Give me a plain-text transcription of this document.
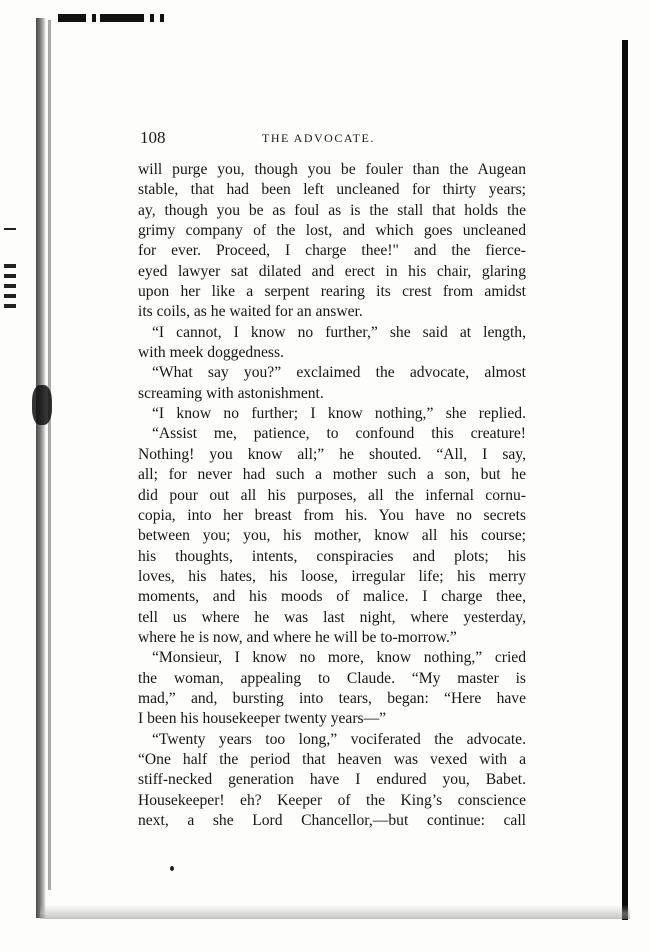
108	THE ADVOCATE.
will purge you, though you be fouler than the Augean
stable, that had been left uncleaned for thirty years;
ay, though you be as foul as is the stall that holds the
grimy company of the lost, and which goes uncleaned
for ever. Proceed, I charge thee!" and the fierce-
eyed lawyer sat dilated and erect in his chair, glaring
upon her like a serpent rearing its crest from amidst
its coils, as he waited for an answer.
“I cannot, I know no further,” she said at length,
with meek doggedness.
“What say you?” exclaimed the advocate, almost
screaming with astonishment.
“I know no further; I know nothing,” she replied.
“Assist me, patience, to confound this creature!
Nothing! you know all;” he shouted. “All, I say,
all; for never had such a mother such a son, but he
did pour out all his purposes, all the infernal cornu-
copia, into her breast from his. You have no secrets
between you; you, his mother, know all his course;
his thoughts, intents, conspiracies and plots; his
loves, his hates, his loose, irregular life; his merry
moments, and his moods of malice. I charge thee,
tell us where he was last night, where yesterday,
where he is now, and where he will be to-morrow.”
“Monsieur, I know no more, know nothing,” cried
the woman, appealing to Claude. “My master is
mad,” and, bursting into tears, began: “Here have
I been his housekeeper twenty years—”
“Twenty years too long,” vociferated the advocate.
“One half the period that heaven was vexed with a
stiff-necked generation have I endured you, Babet.
Housekeeper! eh? Keeper of the King’s conscience
next, a she Lord Chancellor,—but continue: call
